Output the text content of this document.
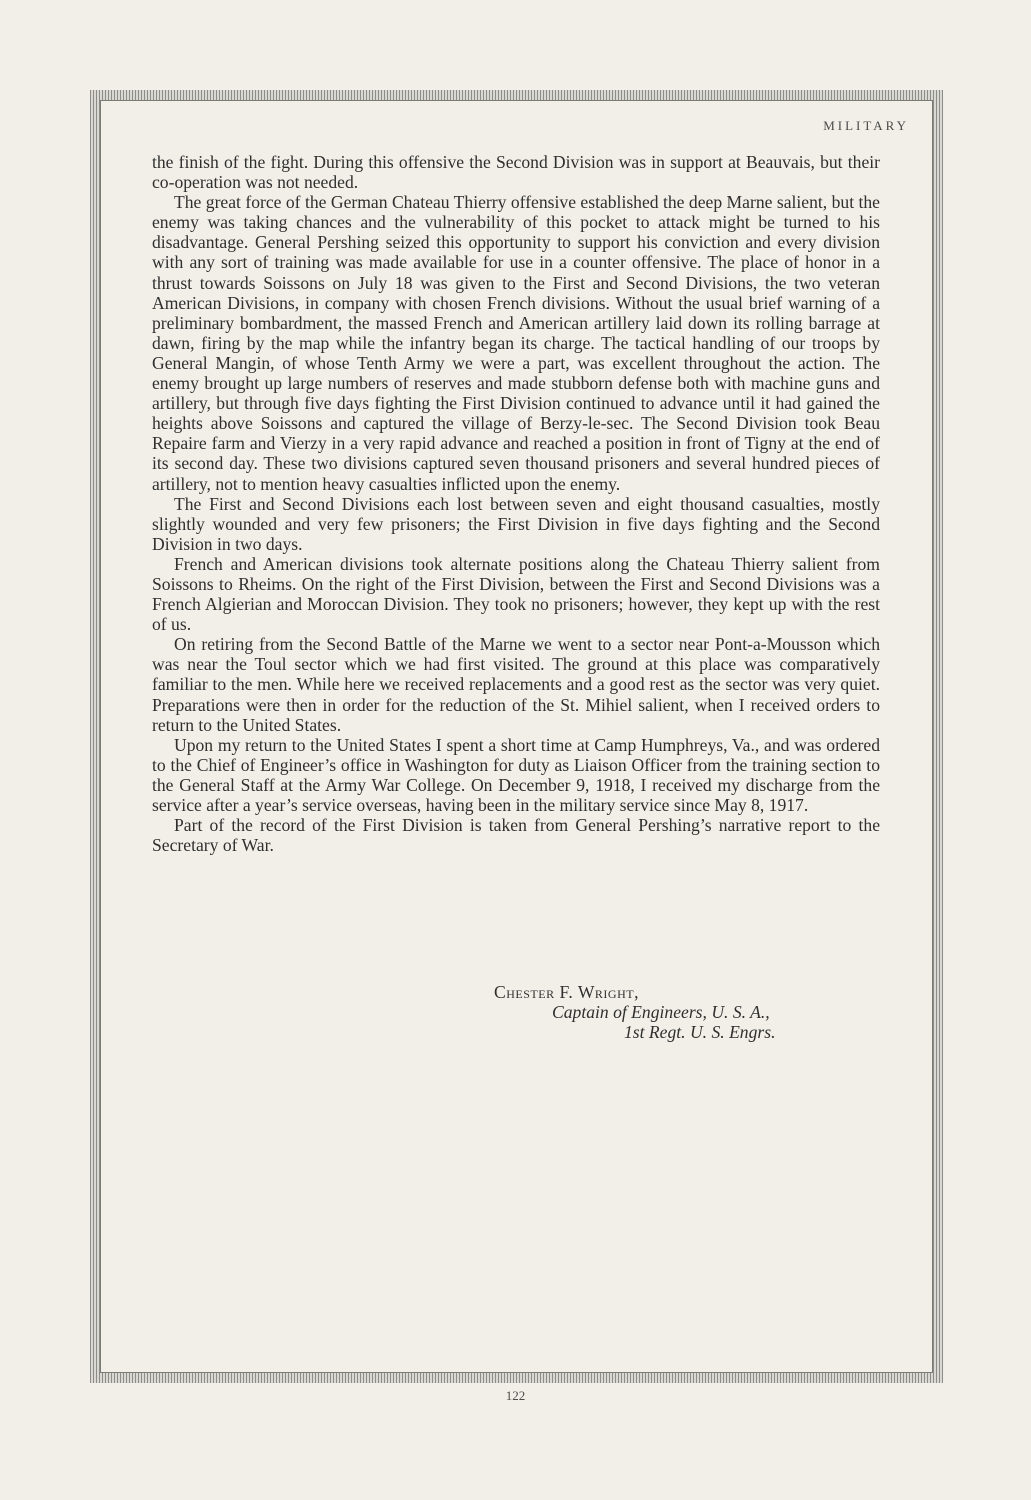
MILITARY

the finish of the fight. During this offensive the Second Division was in support at Beauvais, but their co-operation was not needed.

The great force of the German Chateau Thierry offensive established the deep Marne salient, but the enemy was taking chances and the vulnerability of this pocket to attack might be turned to his disadvantage. General Pershing seized this opportunity to support his conviction and every division with any sort of training was made available for use in a counter offensive. The place of honor in a thrust towards Soissons on July 18 was given to the First and Second Divisions, the two veteran American Divisions, in company with chosen French divisions. Without the usual brief warning of a preliminary bombardment, the massed French and American artillery laid down its rolling barrage at dawn, firing by the map while the infantry began its charge. The tactical handling of our troops by General Mangin, of whose Tenth Army we were a part, was excellent throughout the action. The enemy brought up large numbers of reserves and made stubborn defense both with machine guns and artillery, but through five days fighting the First Division continued to advance until it had gained the heights above Soissons and captured the village of Berzy-le-sec. The Second Division took Beau Repaire farm and Vierzy in a very rapid advance and reached a position in front of Tigny at the end of its second day. These two divisions captured seven thousand prisoners and several hundred pieces of artillery, not to mention heavy casualties inflicted upon the enemy.

The First and Second Divisions each lost between seven and eight thousand casualties, mostly slightly wounded and very few prisoners; the First Division in five days fighting and the Second Division in two days.

French and American divisions took alternate positions along the Chateau Thierry salient from Soissons to Rheims. On the right of the First Division, between the First and Second Divisions was a French Algierian and Moroccan Division. They took no prisoners; however, they kept up with the rest of us.

On retiring from the Second Battle of the Marne we went to a sector near Pont-a-Mousson which was near the Toul sector which we had first visited. The ground at this place was comparatively familiar to the men. While here we received replacements and a good rest as the sector was very quiet. Preparations were then in order for the reduction of the St. Mihiel salient, when I received orders to return to the United States.

Upon my return to the United States I spent a short time at Camp Humphreys, Va., and was ordered to the Chief of Engineer’s office in Washington for duty as Liaison Officer from the training section to the General Staff at the Army War College. On December 9, 1918, I received my discharge from the service after a year’s service overseas, having been in the military service since May 8, 1917.

Part of the record of the First Division is taken from General Pershing’s narrative report to the Secretary of War.

Chester F. Wright,
Captain of Engineers, U. S. A.,
1st Regt. U. S. Engrs.
122
